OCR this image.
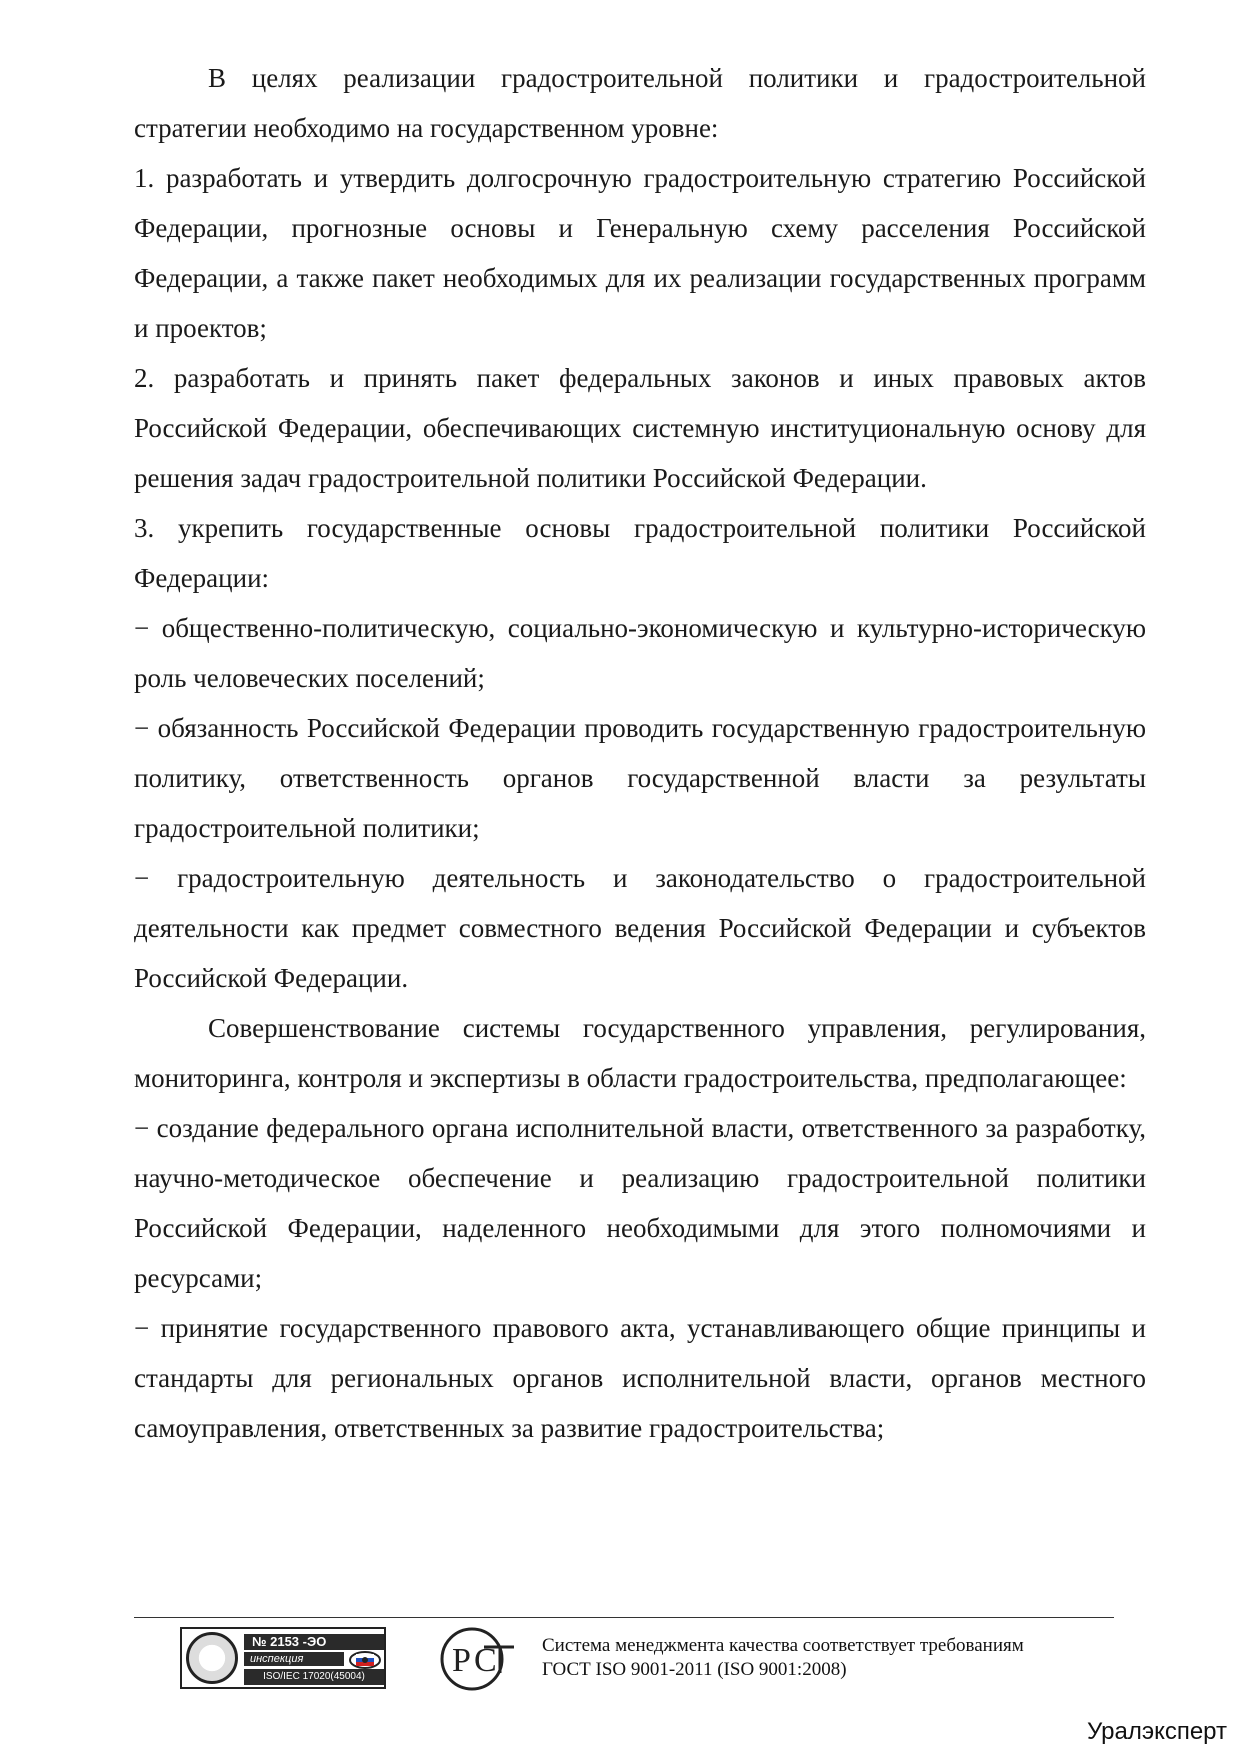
В целях реализации градостроительной политики и градостроительной стратегии необходимо на государственном уровне:

1. разработать и утвердить долгосрочную градостроительную стратегию Российской Федерации, прогнозные основы и Генеральную схему расселения Российской Федерации, а также пакет необходимых для их реализации государственных программ и проектов;

2. разработать и принять пакет федеральных законов и иных правовых актов Российской Федерации, обеспечивающих системную институциональную основу для решения задач градостроительной политики Российской Федерации.

3. укрепить государственные основы градостроительной политики Российской Федерации:

− общественно-политическую, социально-экономическую и культурно-историческую роль человеческих поселений;

− обязанность Российской Федерации проводить государственную градостроительную политику, ответственность органов государственной власти за результаты градостроительной политики;

− градостроительную деятельность и законодательство о градостроительной деятельности как предмет совместного ведения Российской Федерации и субъектов Российской Федерации.

Совершенствование системы государственного управления, регулирования, мониторинга, контроля и экспертизы в области градостроительства, предполагающее:

− создание федерального органа исполнительной власти, ответственного за разработку, научно-методическое обеспечение и реализацию градостроительной политики Российской Федерации, наделенного необходимыми для этого полномочиями и ресурсами;

− принятие государственного правового акта, устанавливающего общие принципы и стандарты для региональных органов исполнительной власти, органов местного самоуправления, ответственных за развитие градостроительства;

№ 2153 -ЭО
инспекция
ISO/IEC 17020(45004)	Р С Система менеджмента качества соответствует требованиям
ГОСТ ISO 9001-2011 (ISO 9001:2008)
Уралэксперт
